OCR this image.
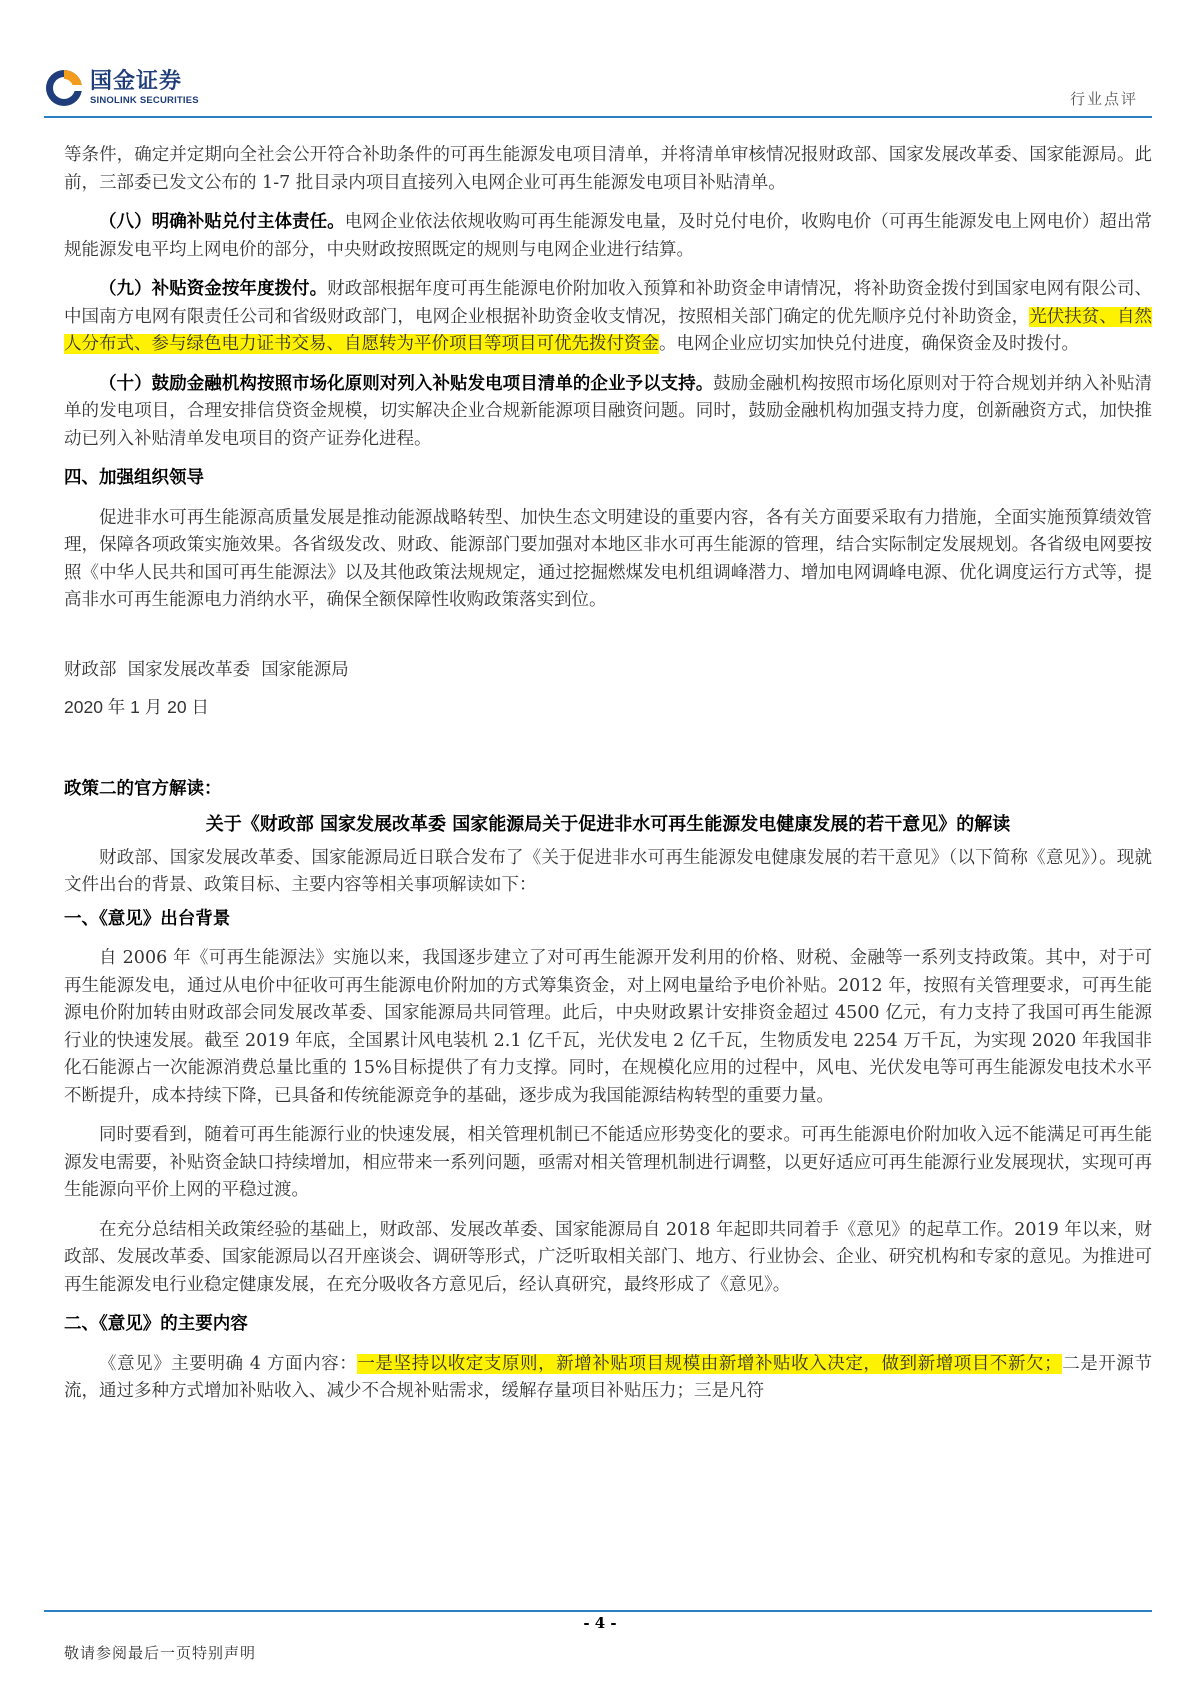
国金证券
SINOLINK SECURITIES	行业点评

等条件，确定并定期向全社会公开符合补助条件的可再生能源发电项目清单，并将清单审核情况报财政部、国家发展改革委、国家能源局。此前，三部委已发文公布的 1-7 批目录内项目直接列入电网企业可再生能源发电项目补贴清单。

（八）明确补贴兑付主体责任。电网企业依法依规收购可再生能源发电量，及时兑付电价，收购电价（可再生能源发电上网电价）超出常规能源发电平均上网电价的部分，中央财政按照既定的规则与电网企业进行结算。

（九）补贴资金按年度拨付。财政部根据年度可再生能源电价附加收入预算和补助资金申请情况，将补助资金拨付到国家电网有限公司、中国南方电网有限责任公司和省级财政部门，电网企业根据补助资金收支情况，按照相关部门确定的优先顺序兑付补助资金，光伏扶贫、自然人分布式、参与绿色电力证书交易、自愿转为平价项目等项目可优先拨付资金。电网企业应切实加快兑付进度，确保资金及时拨付。

（十）鼓励金融机构按照市场化原则对列入补贴发电项目清单的企业予以支持。鼓励金融机构按照市场化原则对于符合规划并纳入补贴清单的发电项目，合理安排信贷资金规模，切实解决企业合规新能源项目融资问题。同时，鼓励金融机构加强支持力度，创新融资方式，加快推动已列入补贴清单发电项目的资产证券化进程。

四、加强组织领导

促进非水可再生能源高质量发展是推动能源战略转型、加快生态文明建设的重要内容，各有关方面要采取有力措施，全面实施预算绩效管理，保障各项政策实施效果。各省级发改、财政、能源部门要加强对本地区非水可再生能源的管理，结合实际制定发展规划。各省级电网要按照《中华人民共和国可再生能源法》以及其他政策法规规定，通过挖掘燃煤发电机组调峰潜力、增加电网调峰电源、优化调度运行方式等，提高非水可再生能源电力消纳水平，确保全额保障性收购政策落实到位。

财政部  国家发展改革委  国家能源局

2020 年 1 月 20 日

政策二的官方解读：

关于《财政部 国家发展改革委 国家能源局关于促进非水可再生能源发电健康发展的若干意见》的解读

财政部、国家发展改革委、国家能源局近日联合发布了《关于促进非水可再生能源发电健康发展的若干意见》（以下简称《意见》）。现就文件出台的背景、政策目标、主要内容等相关事项解读如下：

一、《意见》出台背景

自 2006 年《可再生能源法》实施以来，我国逐步建立了对可再生能源开发利用的价格、财税、金融等一系列支持政策。其中，对于可再生能源发电，通过从电价中征收可再生能源电价附加的方式筹集资金，对上网电量给予电价补贴。2012 年，按照有关管理要求，可再生能源电价附加转由财政部会同发展改革委、国家能源局共同管理。此后，中央财政累计安排资金超过 4500 亿元，有力支持了我国可再生能源行业的快速发展。截至 2019 年底，全国累计风电装机 2.1 亿千瓦，光伏发电 2 亿千瓦，生物质发电 2254 万千瓦，为实现 2020 年我国非化石能源占一次能源消费总量比重的 15%目标提供了有力支撑。同时，在规模化应用的过程中，风电、光伏发电等可再生能源发电技术水平不断提升，成本持续下降，已具备和传统能源竞争的基础，逐步成为我国能源结构转型的重要力量。

同时要看到，随着可再生能源行业的快速发展，相关管理机制已不能适应形势变化的要求。可再生能源电价附加收入远不能满足可再生能源发电需要，补贴资金缺口持续增加，相应带来一系列问题，亟需对相关管理机制进行调整，以更好适应可再生能源行业发展现状，实现可再生能源向平价上网的平稳过渡。

在充分总结相关政策经验的基础上，财政部、发展改革委、国家能源局自 2018 年起即共同着手《意见》的起草工作。2019 年以来，财政部、发展改革委、国家能源局以召开座谈会、调研等形式，广泛听取相关部门、地方、行业协会、企业、研究机构和专家的意见。为推进可再生能源发电行业稳定健康发展，在充分吸收各方意见后，经认真研究，最终形成了《意见》。

二、《意见》的主要内容

《意见》主要明确 4 方面内容：一是坚持以收定支原则，新增补贴项目规模由新增补贴收入决定，做到新增项目不新欠；二是开源节流，通过多种方式增加补贴收入、减少不合规补贴需求，缓解存量项目补贴压力；三是凡符

- 4 -
敬请参阅最后一页特别声明
